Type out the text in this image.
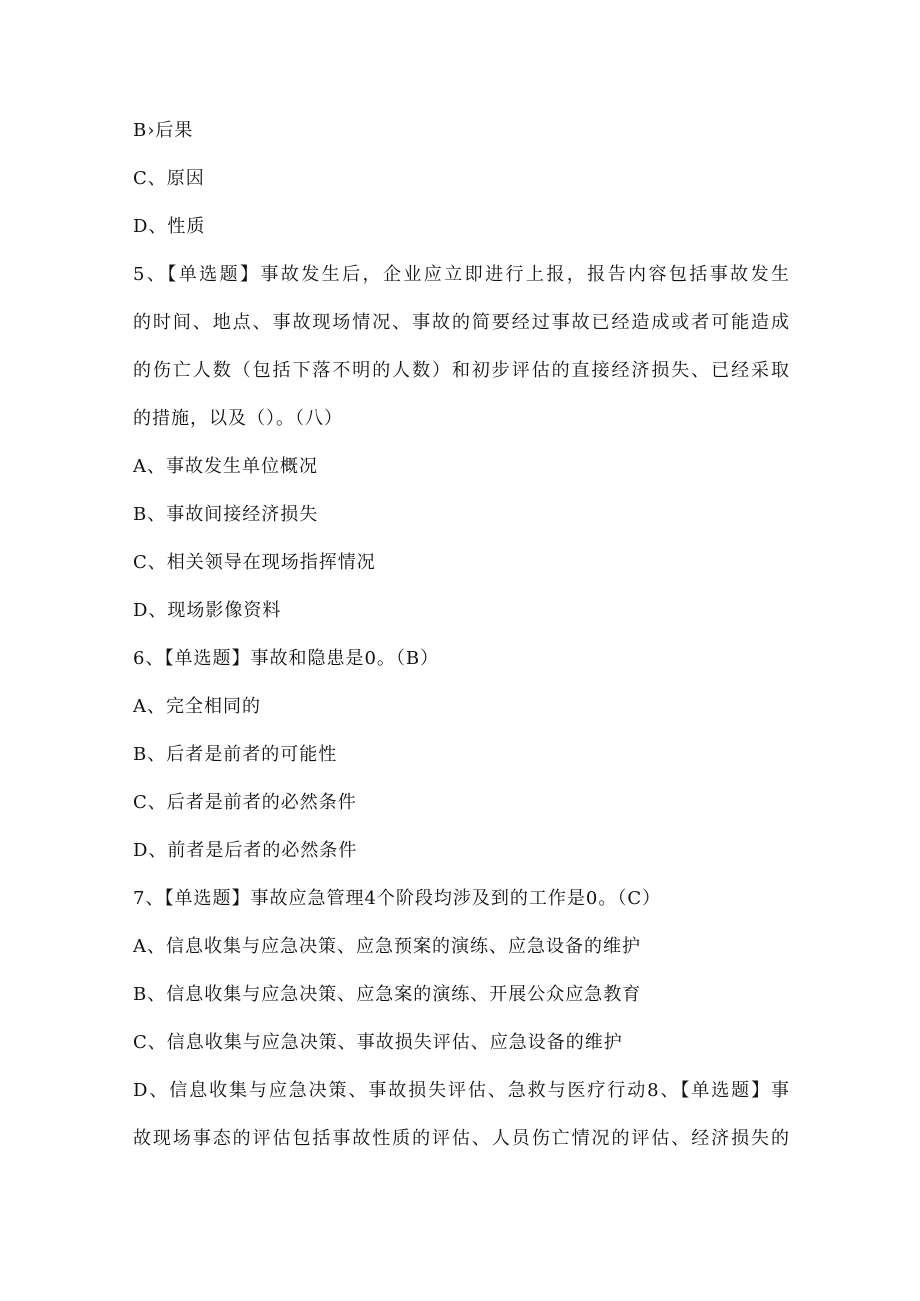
B›后果
C、原因
D、性质
5、【单选题】事故发生后，企业应立即进行上报，报告内容包括事故发生
的时间、地点、事故现场情况、事故的简要经过事故已经造成或者可能造成
的伤亡人数（包括下落不明的人数）和初步评估的直接经济损失、已经采取
的措施，以及（）。（八）
A、事故发生单位概况
B、事故间接经济损失
C、相关领导在现场指挥情况
D、现场影像资料
6、【单选题】事故和隐患是0。（B）
A、完全相同的
B、后者是前者的可能性
C、后者是前者的必然条件
D、前者是后者的必然条件
7、【单选题】事故应急管理4个阶段均涉及到的工作是0。（C）
A、信息收集与应急决策、应急预案的演练、应急设备的维护
B、信息收集与应急决策、应急案的演练、开展公众应急教育
C、信息收集与应急决策、事故损失评估、应急设备的维护
D、信息收集与应急决策、事故损失评估、急救与医疗行动8、【单选题】事
故现场事态的评估包括事故性质的评估、人员伤亡情况的评估、经济损失的
